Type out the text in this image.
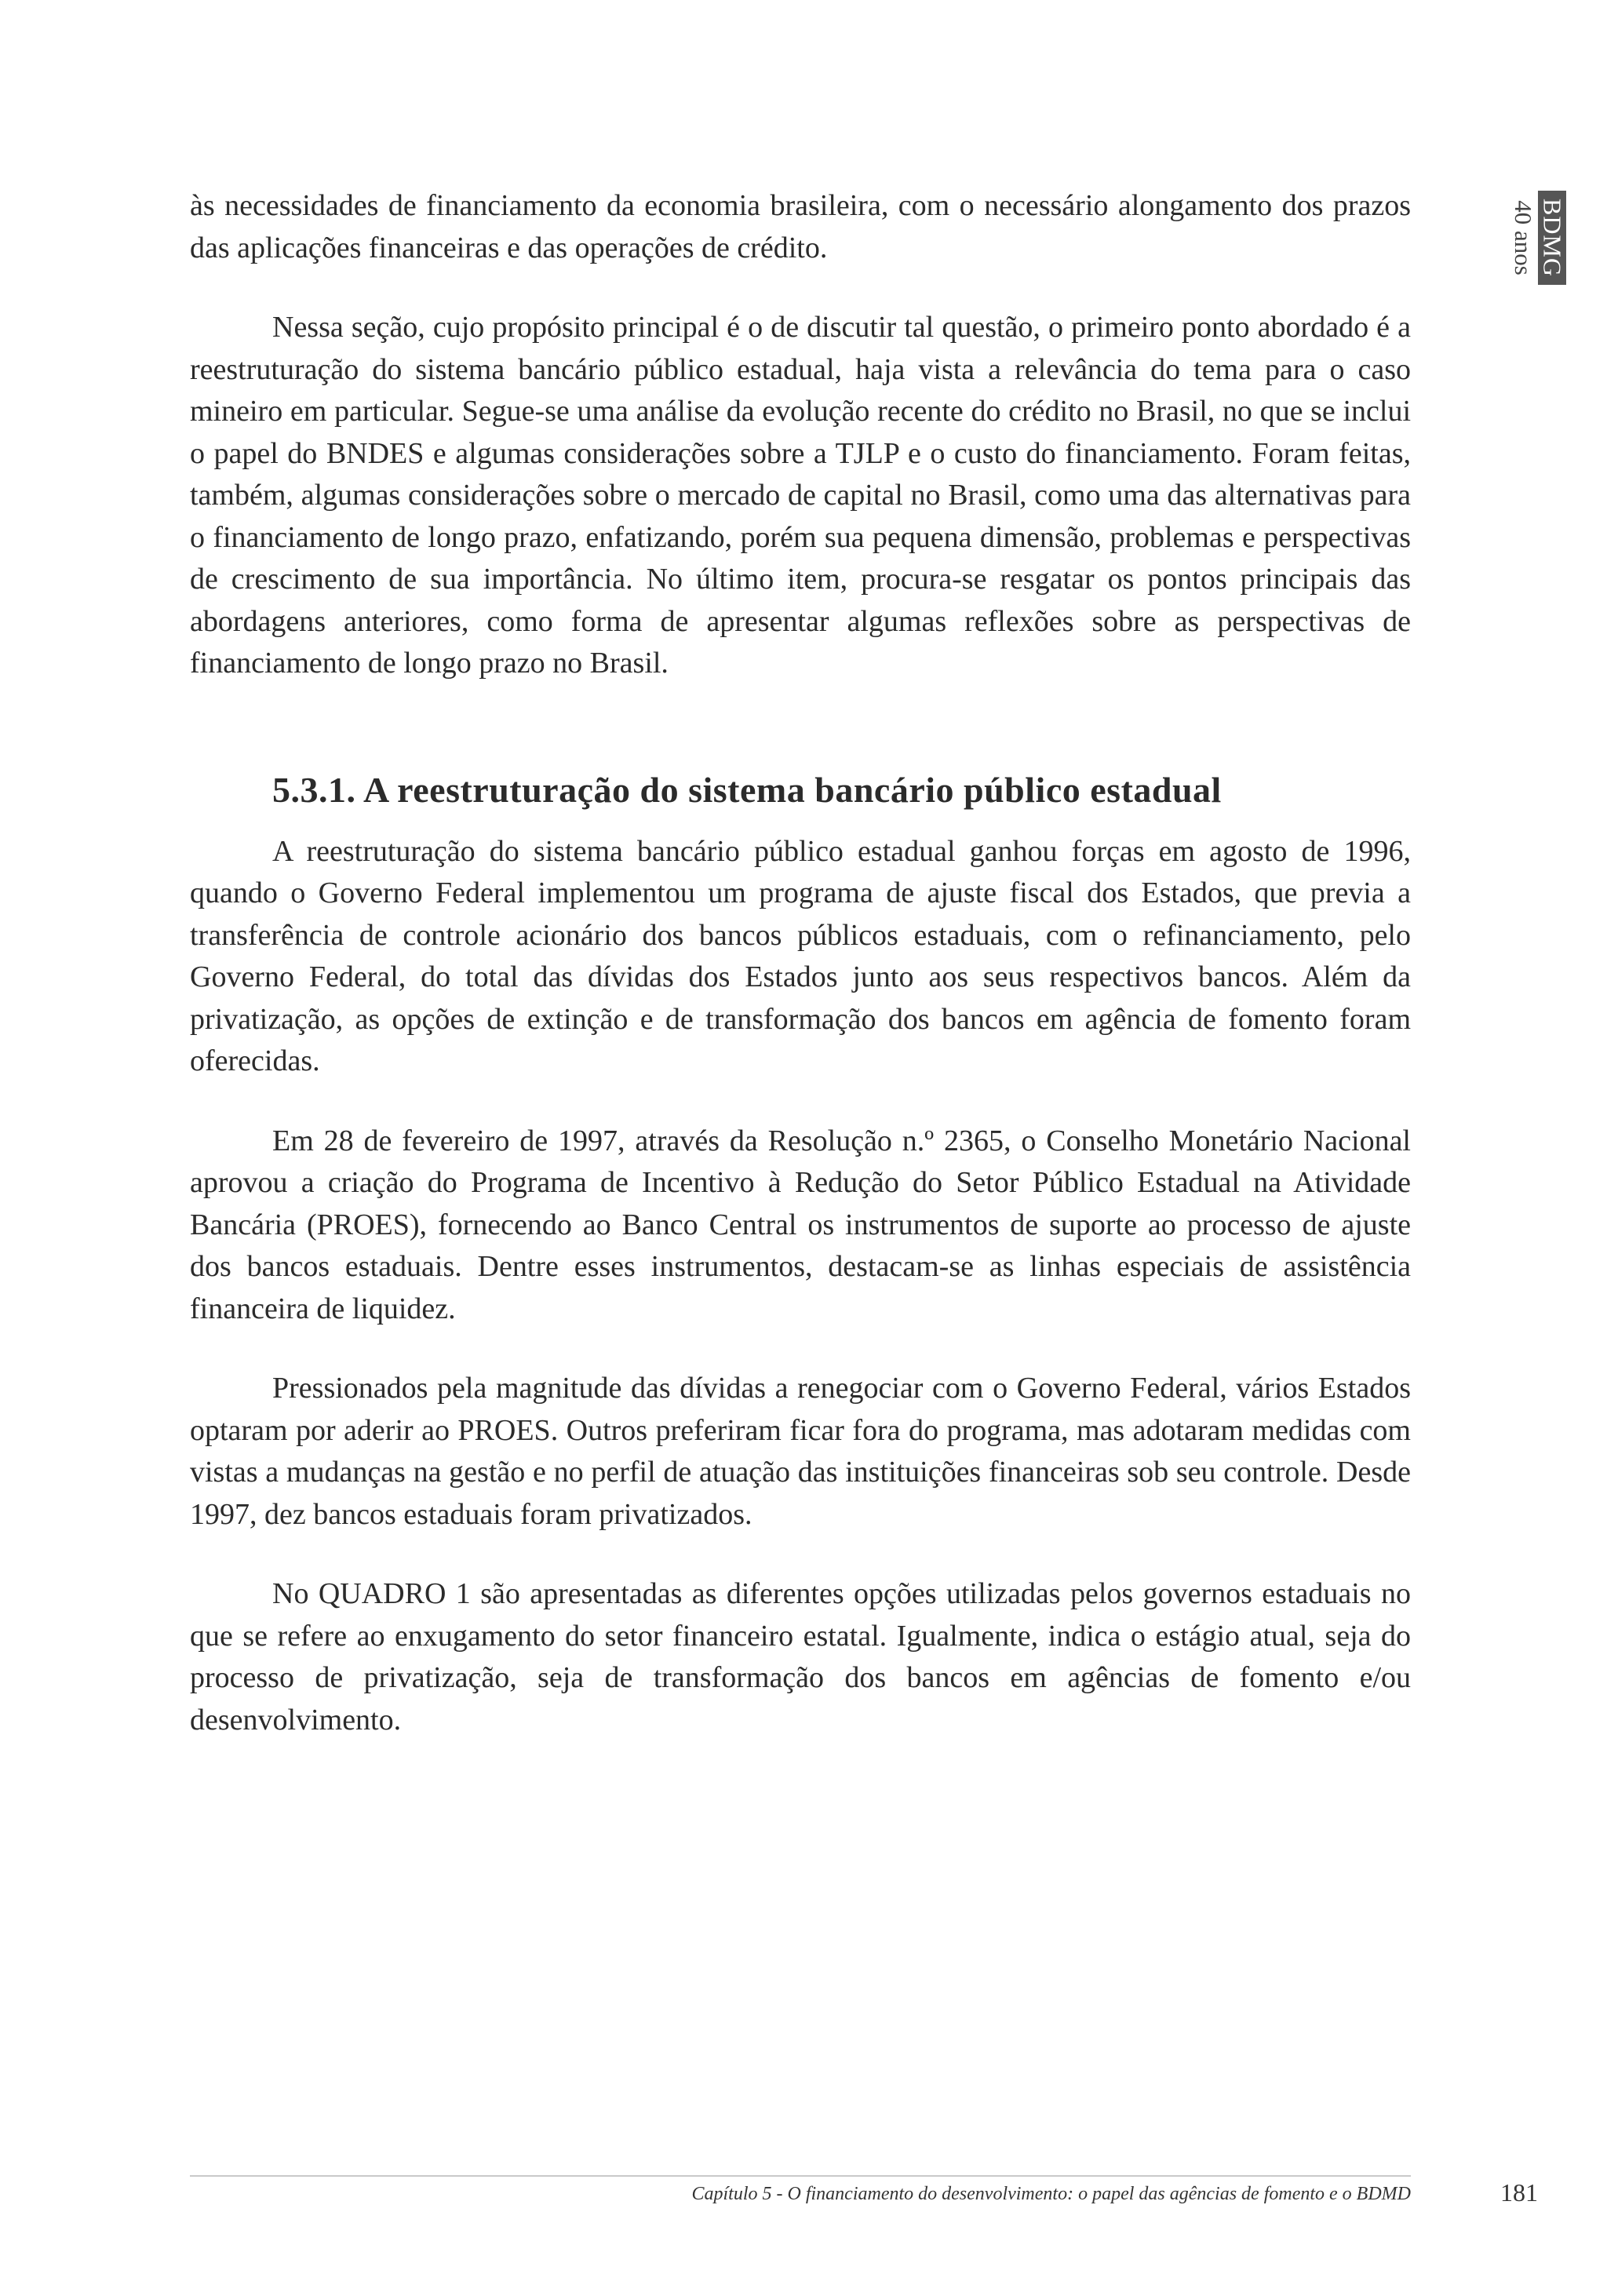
40 anos BDMG

às necessidades de financiamento da economia brasileira, com o necessário alongamento dos prazos das aplicações financeiras e das operações de crédito.

Nessa seção, cujo propósito principal é o de discutir tal questão, o primeiro ponto abordado é a reestruturação do sistema bancário público estadual, haja vista a relevância do tema para o caso mineiro em particular. Segue-se uma análise da evolução recente do crédito no Brasil, no que se inclui o papel do BNDES e algumas considerações sobre a TJLP e o custo do financiamento. Foram feitas, também, algumas considerações sobre o mercado de capital no Brasil, como uma das alternativas para o financiamento de longo prazo, enfatizando, porém sua pequena dimensão, problemas e perspectivas de crescimento de sua importância. No último item, procura-se resgatar os pontos principais das abordagens anteriores, como forma de apresentar algumas reflexões sobre as perspectivas de financiamento de longo prazo no Brasil.

5.3.1. A reestruturação do sistema bancário público estadual

A reestruturação do sistema bancário público estadual ganhou forças em agosto de 1996, quando o Governo Federal implementou um programa de ajuste fiscal dos Estados, que previa a transferência de controle acionário dos bancos públicos estaduais, com o refinanciamento, pelo Governo Federal, do total das dívidas dos Estados junto aos seus respectivos bancos. Além da privatização, as opções de extinção e de transformação dos bancos em agência de fomento foram oferecidas.

Em 28 de fevereiro de 1997, através da Resolução n.º 2365, o Conselho Monetário Nacional aprovou a criação do Programa de Incentivo à Redução do Setor Público Estadual na Atividade Bancária (PROES), fornecendo ao Banco Central os instrumentos de suporte ao processo de ajuste dos bancos estaduais. Dentre esses instrumentos, destacam-se as linhas especiais de assistência financeira de liquidez.

Pressionados pela magnitude das dívidas a renegociar com o Governo Federal, vários Estados optaram por aderir ao PROES. Outros preferiram ficar fora do programa, mas adotaram medidas com vistas a mudanças na gestão e no perfil de atuação das instituições financeiras sob seu controle. Desde 1997, dez bancos estaduais foram privatizados.

No QUADRO 1 são apresentadas as diferentes opções utilizadas pelos governos estaduais no que se refere ao enxugamento do setor financeiro estatal. Igualmente, indica o estágio atual, seja do processo de privatização, seja de transformação dos bancos em agências de fomento e/ou desenvolvimento.

Capítulo 5 - O financiamento do desenvolvimento: o papel das agências de fomento e o BDMD	181
